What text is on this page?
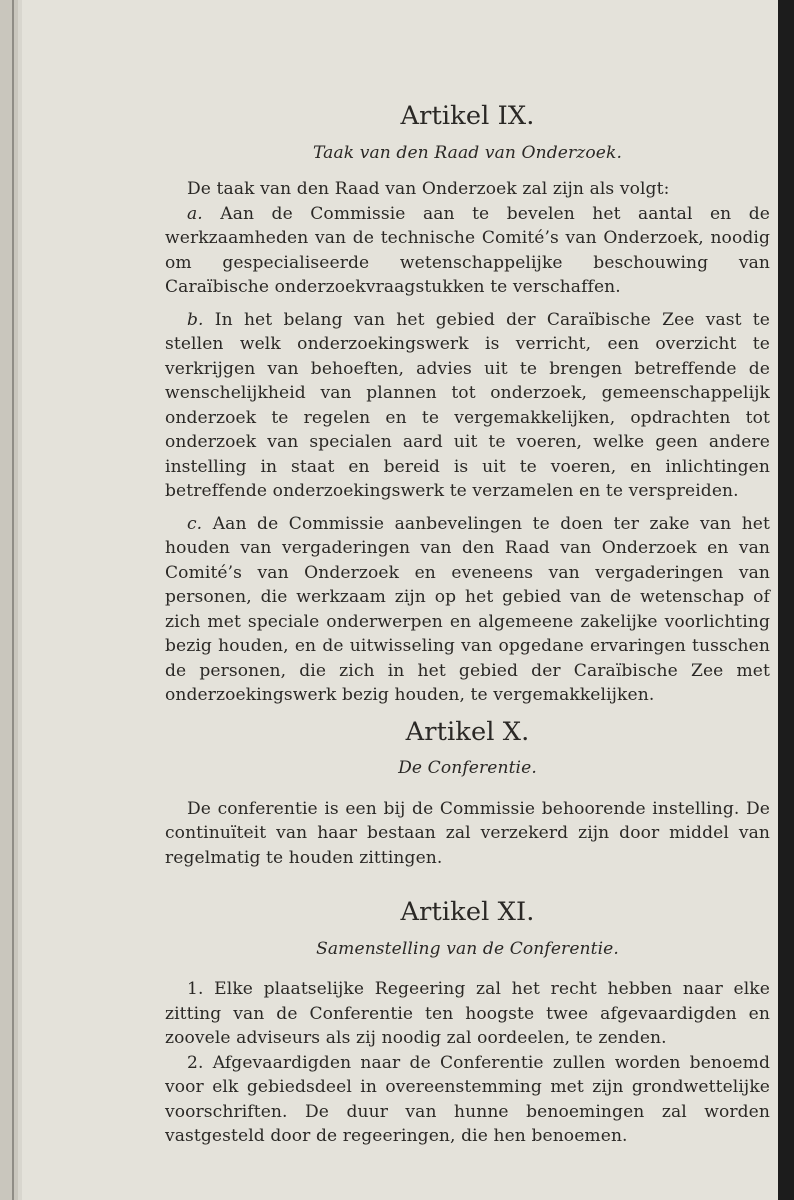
Artikel IX.
Taak van den Raad van Onderzoek.

De taak van den Raad van Onderzoek zal zijn als volgt:

a. Aan de Commissie aan te bevelen het aantal en de werkzaamheden van de technische Comité’s van Onderzoek, noodig om gespecialiseerde wetenschappelijke beschouwing van Caraïbische onderzoekvraagstukken te verschaffen.

b. In het belang van het gebied der Caraïbische Zee vast te stellen welk onderzoekingswerk is verricht, een overzicht te verkrijgen van behoeften, advies uit te brengen betreffende de wenschelijkheid van plannen tot onderzoek, gemeenschappelijk onderzoek te regelen en te vergemakkelijken, opdrachten tot onderzoek van specialen aard uit te voeren, welke geen andere instelling in staat en bereid is uit te voeren, en inlichtingen betreffende onderzoekingswerk te verzamelen en te verspreiden.

c. Aan de Commissie aanbevelingen te doen ter zake van het houden van vergaderingen van den Raad van Onderzoek en van Comité’s van Onderzoek en eveneens van vergaderingen van personen, die werkzaam zijn op het gebied van de wetenschap of zich met speciale onderwerpen en algemeene zakelijke voorlichting bezig houden, en de uitwisseling van opgedane ervaringen tusschen de personen, die zich in het gebied der Caraïbische Zee met onderzoekingswerk bezig houden, te vergemakkelijken.

Artikel X.
De Conferentie.

De conferentie is een bij de Commissie behoorende instelling. De continuïteit van haar bestaan zal verzekerd zijn door middel van regelmatig te houden zittingen.

Artikel XI.
Samenstelling van de Conferentie.

1. Elke plaatselijke Regeering zal het recht hebben naar elke zitting van de Conferentie ten hoogste twee afgevaardigden en zoovele adviseurs als zij noodig zal oordeelen, te zenden.

2. Afgevaardigden naar de Conferentie zullen worden benoemd voor elk gebiedsdeel in overeenstemming met zijn grondwettelijke voorschriften. De duur van hunne benoemingen zal worden vastgesteld door de regeeringen, die hen benoemen.
